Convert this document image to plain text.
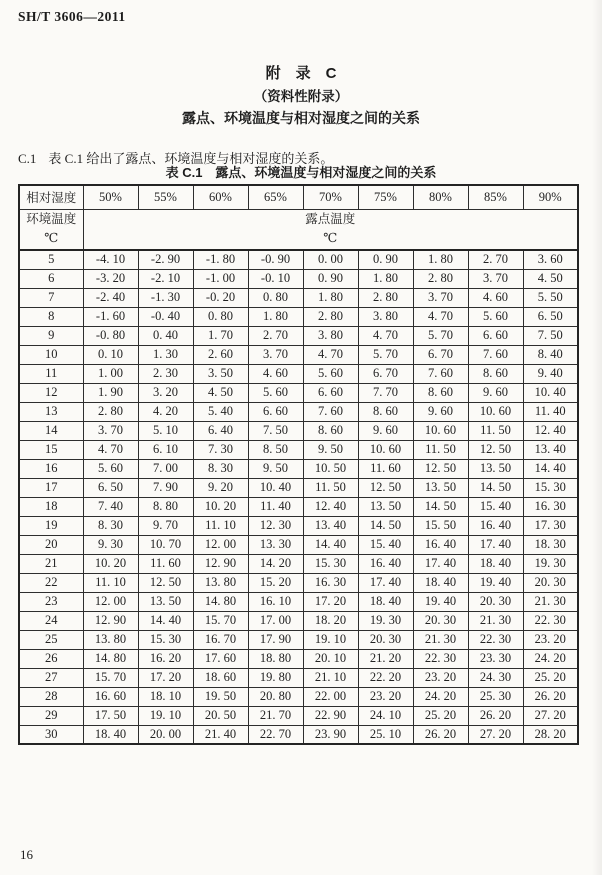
SH/T 3606—2011
附　录　C
（资料性附录）
露点、环境温度与相对湿度之间的关系

C.1 表 C.1 给出了露点、环境温度与相对湿度的关系。

表 C.1　露点、环境温度与相对湿度之间的关系
相对湿度	50%	55%	60%	65%	70%	75%	80%	85%	90%

环境温度
℃

露点温度
℃

5	-4. 10	-2. 90	-1. 80	-0. 90	0. 00	0. 90	1. 80	2. 70	3. 60
6	-3. 20	-2. 10	-1. 00	-0. 10	0. 90	1. 80	2. 80	3. 70	4. 50
7	-2. 40	-1. 30	-0. 20	0. 80	1. 80	2. 80	3. 70	4. 60	5. 50
8	-1. 60	-0. 40	0. 80	1. 80	2. 80	3. 80	4. 70	5. 60	6. 50
9	-0. 80	0. 40	1. 70	2. 70	3. 80	4. 70	5. 70	6. 60	7. 50
10	0. 10	1. 30	2. 60	3. 70	4. 70	5. 70	6. 70	7. 60	8. 40
11	1. 00	2. 30	3. 50	4. 60	5. 60	6. 70	7. 60	8. 60	9. 40
12	1. 90	3. 20	4. 50	5. 60	6. 60	7. 70	8. 60	9. 60	10. 40
13	2. 80	4. 20	5. 40	6. 60	7. 60	8. 60	9. 60	10. 60	11. 40
14	3. 70	5. 10	6. 40	7. 50	8. 60	9. 60	10. 60	11. 50	12. 40
15	4. 70	6. 10	7. 30	8. 50	9. 50	10. 60	11. 50	12. 50	13. 40
16	5. 60	7. 00	8. 30	9. 50	10. 50	11. 60	12. 50	13. 50	14. 40
17	6. 50	7. 90	9. 20	10. 40	11. 50	12. 50	13. 50	14. 50	15. 30
18	7. 40	8. 80	10. 20	11. 40	12. 40	13. 50	14. 50	15. 40	16. 30
19	8. 30	9. 70	11. 10	12. 30	13. 40	14. 50	15. 50	16. 40	17. 30
20	9. 30	10. 70	12. 00	13. 30	14. 40	15. 40	16. 40	17. 40	18. 30
21	10. 20	11. 60	12. 90	14. 20	15. 30	16. 40	17. 40	18. 40	19. 30
22	11. 10	12. 50	13. 80	15. 20	16. 30	17. 40	18. 40	19. 40	20. 30
23	12. 00	13. 50	14. 80	16. 10	17. 20	18. 40	19. 40	20. 30	21. 30
24	12. 90	14. 40	15. 70	17. 00	18. 20	19. 30	20. 30	21. 30	22. 30
25	13. 80	15. 30	16. 70	17. 90	19. 10	20. 30	21. 30	22. 30	23. 20
26	14. 80	16. 20	17. 60	18. 80	20. 10	21. 20	22. 30	23. 30	24. 20
27	15. 70	17. 20	18. 60	19. 80	21. 10	22. 20	23. 20	24. 30	25. 20
28	16. 60	18. 10	19. 50	20. 80	22. 00	23. 20	24. 20	25. 30	26. 20
29	17. 50	19. 10	20. 50	21. 70	22. 90	24. 10	25. 20	26. 20	27. 20
30	18. 40	20. 00	21. 40	22. 70	23. 90	25. 10	26. 20	27. 20	28. 20
16
